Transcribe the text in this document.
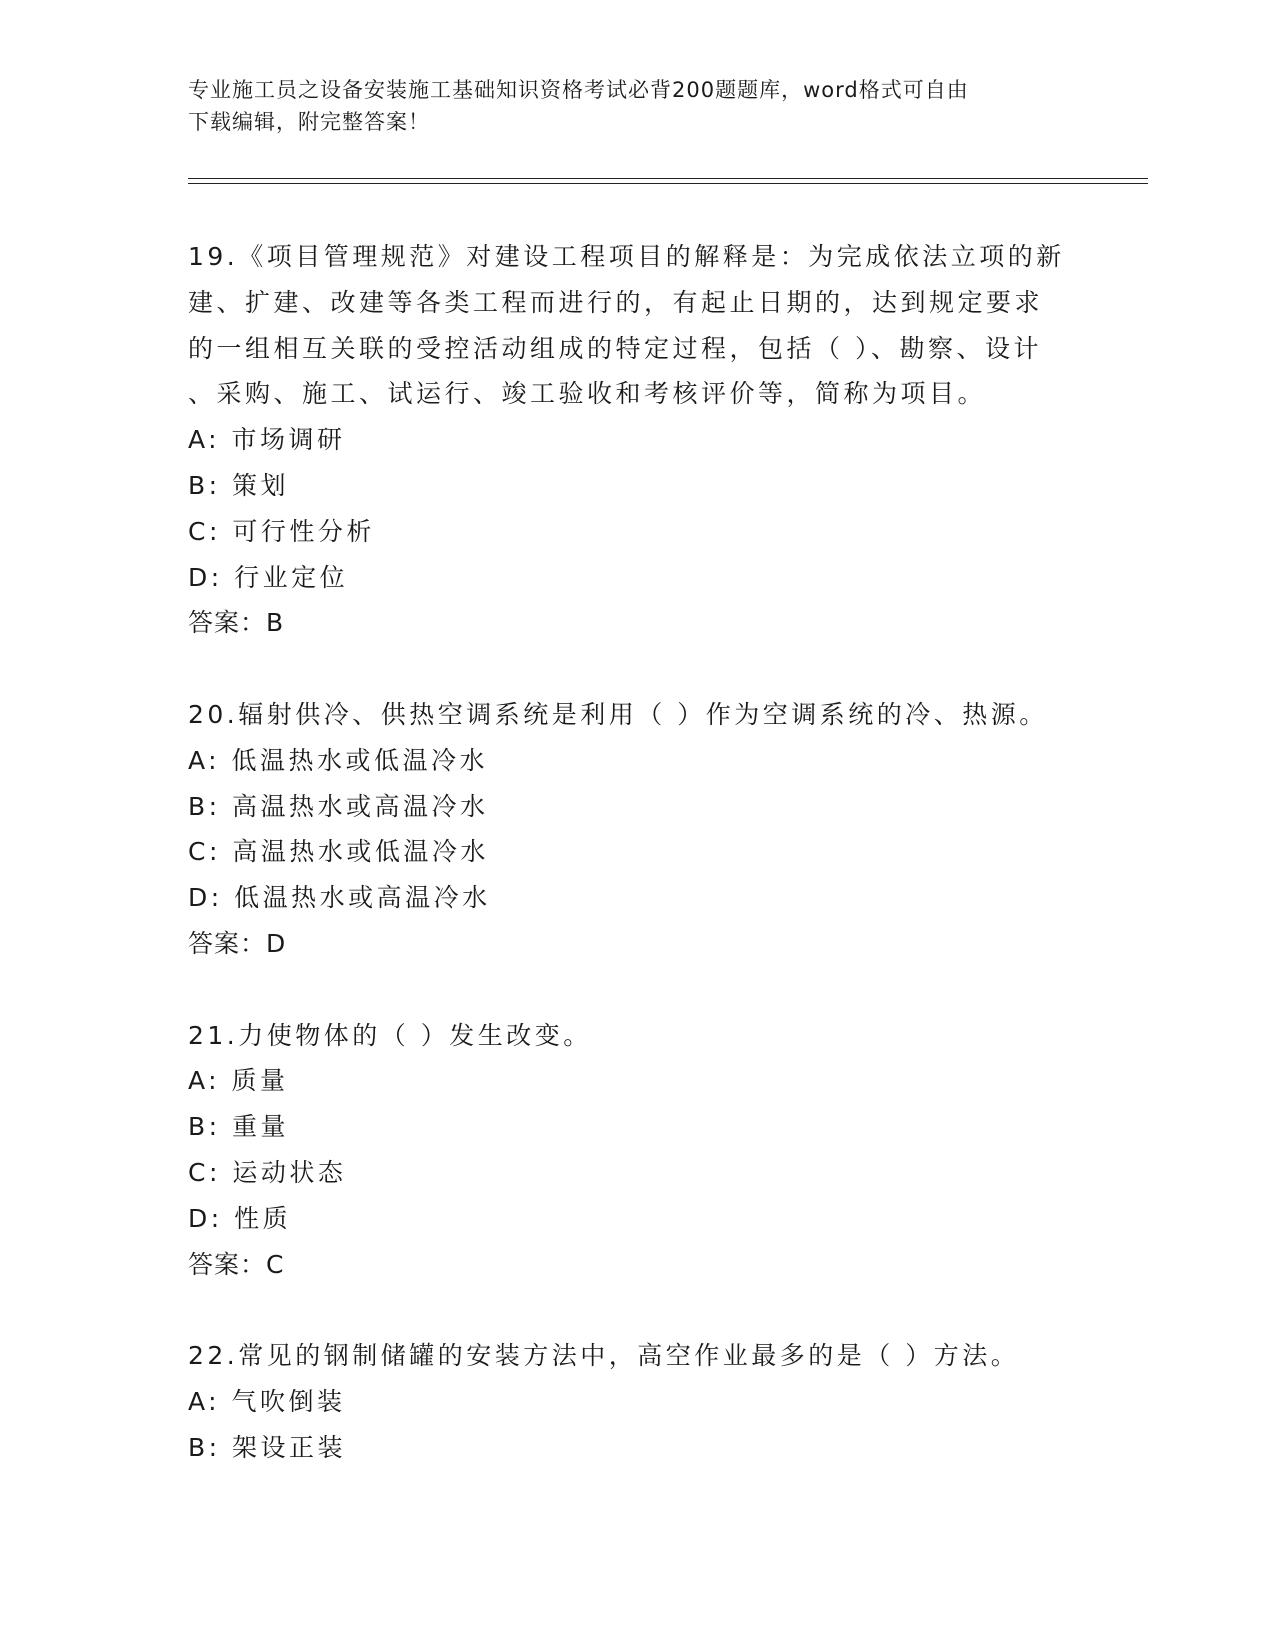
专业施工员之设备安装施工基础知识资格考试必背200题题库，word格式可自由
下载编辑，附完整答案！
19.《项目管理规范》对建设工程项目的解释是：为完成依法立项的新
建、扩建、改建等各类工程而进行的，有起止日期的，达到规定要求
的一组相互关联的受控活动组成的特定过程，包括（ ）、勘察、设计
、采购、施工、试运行、竣工验收和考核评价等，简称为项目。
A: 市场调研
B: 策划
C: 可行性分析
D: 行业定位
答案：B
20.辐射供冷、供热空调系统是利用（ ）作为空调系统的冷、热源。
A: 低温热水或低温冷水
B: 高温热水或高温冷水
C: 高温热水或低温冷水
D: 低温热水或高温冷水
答案：D
21.力使物体的（ ）发生改变。
A: 质量
B: 重量
C: 运动状态
D: 性质
答案：C
22.常见的钢制储罐的安装方法中，高空作业最多的是（ ）方法。
A: 气吹倒装
B: 架设正装
